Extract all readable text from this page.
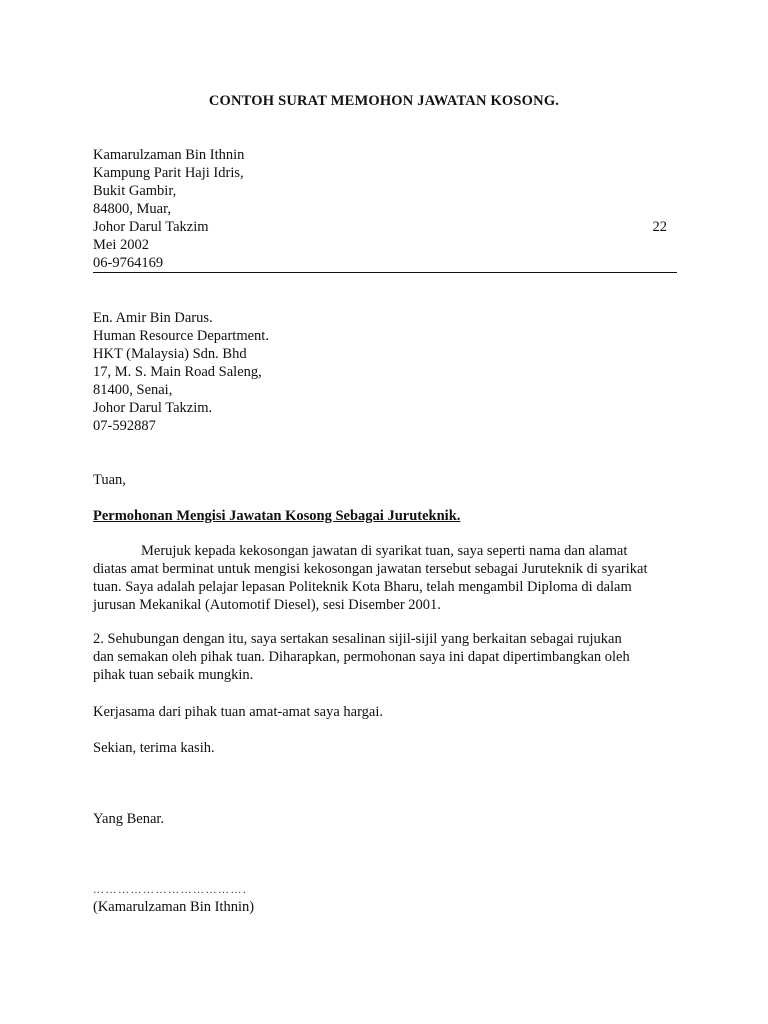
CONTOH SURAT MEMOHON JAWATAN KOSONG.
Kamarulzaman Bin Ithnin
Kampung Parit Haji Idris,
Bukit Gambir,
84800, Muar,
Johor Darul Takzim
Mei 2002
06-9764169
22
En. Amir Bin Darus.
Human Resource Department.
HKT (Malaysia) Sdn. Bhd
17, M. S. Main Road Saleng,
81400, Senai,
Johor Darul Takzim.
07-592887
Tuan,
Permohonan Mengisi Jawatan Kosong Sebagai Juruteknik.
Merujuk kepada kekosongan jawatan di syarikat tuan, saya seperti nama dan alamat
diatas amat berminat untuk mengisi kekosongan jawatan tersebut sebagai Juruteknik di syarikat
tuan. Saya adalah pelajar lepasan Politeknik Kota Bharu, telah mengambil Diploma di dalam
jurusan Mekanikal (Automotif Diesel), sesi Disember 2001.
2. Sehubungan dengan itu, saya sertakan sesalinan sijil-sijil yang berkaitan sebagai rujukan
dan semakan oleh pihak tuan. Diharapkan, permohonan saya ini dapat dipertimbangkan oleh
pihak tuan sebaik mungkin.
Kerjasama dari pihak tuan amat-amat saya hargai.
Sekian, terima kasih.
Yang Benar.
……………………………….
(Kamarulzaman Bin Ithnin)
